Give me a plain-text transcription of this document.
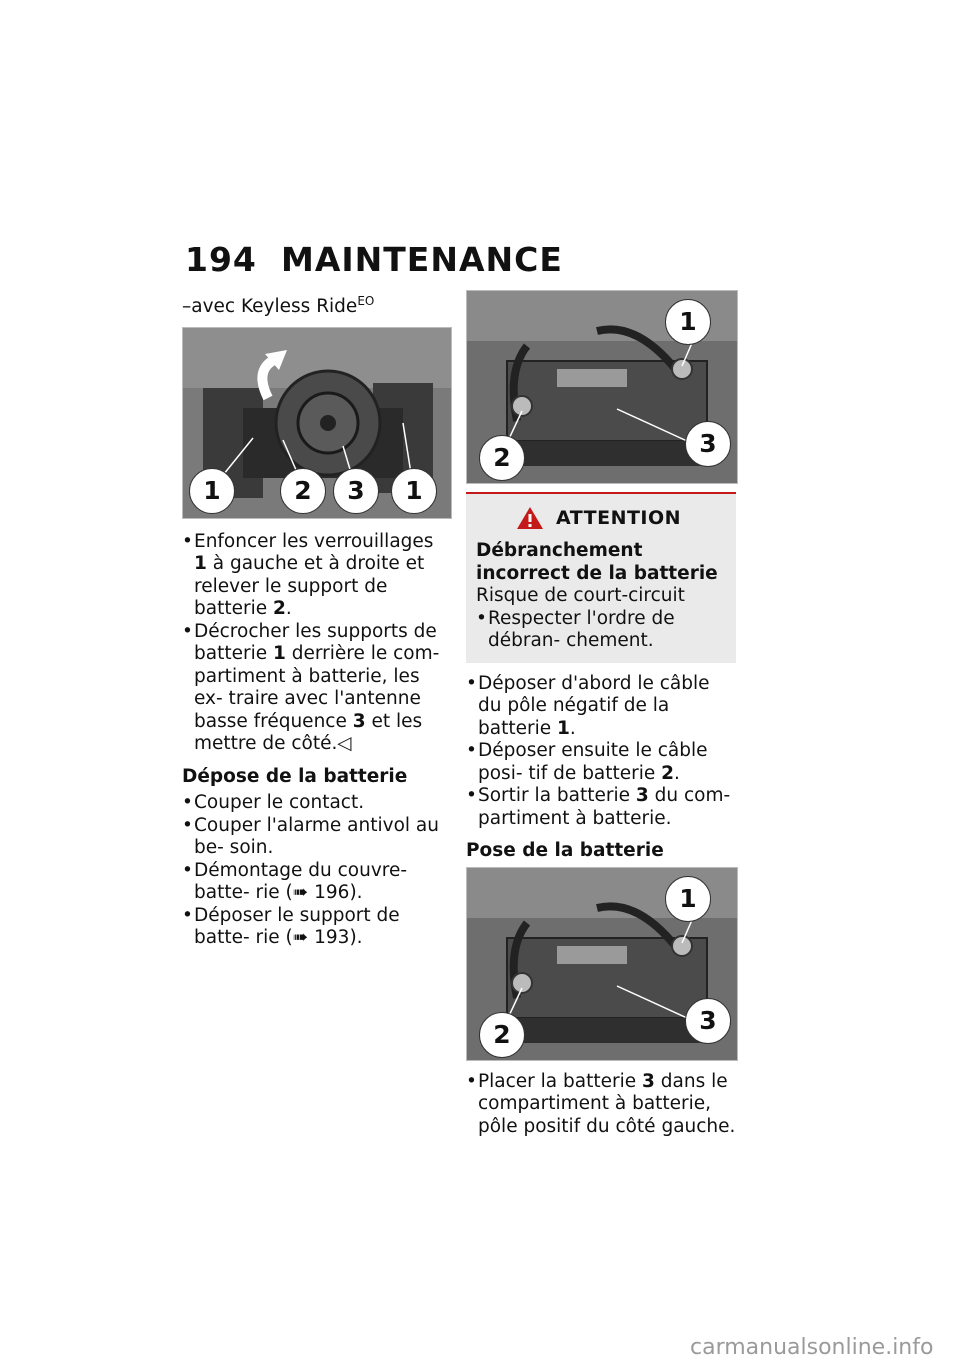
194 MAINTENANCE
–avec Keyless Ride$^{EO}$
1	2	3	1
• Enfoncer les verrouillages 1 à gauche et à droite et relever le support de batterie 2.
• Décrocher les supports de batterie 1 derrière le com- partiment à batterie, les ex- traire avec l'antenne basse fréquence 3 et les mettre de côté.◁
Dépose de la batterie
• Couper le contact.
• Couper l'alarme antivol au be- soin.
• Démontage du couvre-batte- rie (➠ 196).
• Déposer le support de batte- rie (➠ 193).
1
2	3
ATTENTION
Débranchement incorrect de la batterie
Risque de court-circuit
• Respecter l'ordre de débran- chement.
• Déposer d'abord le câble du pôle négatif de la batterie 1.
• Déposer ensuite le câble posi- tif de batterie 2.
• Sortir la batterie 3 du com- partiment à batterie.
Pose de la batterie
1
2	3
• Placer la batterie 3 dans le compartiment à batterie, pôle positif du côté gauche.
carmanualsonline.info
